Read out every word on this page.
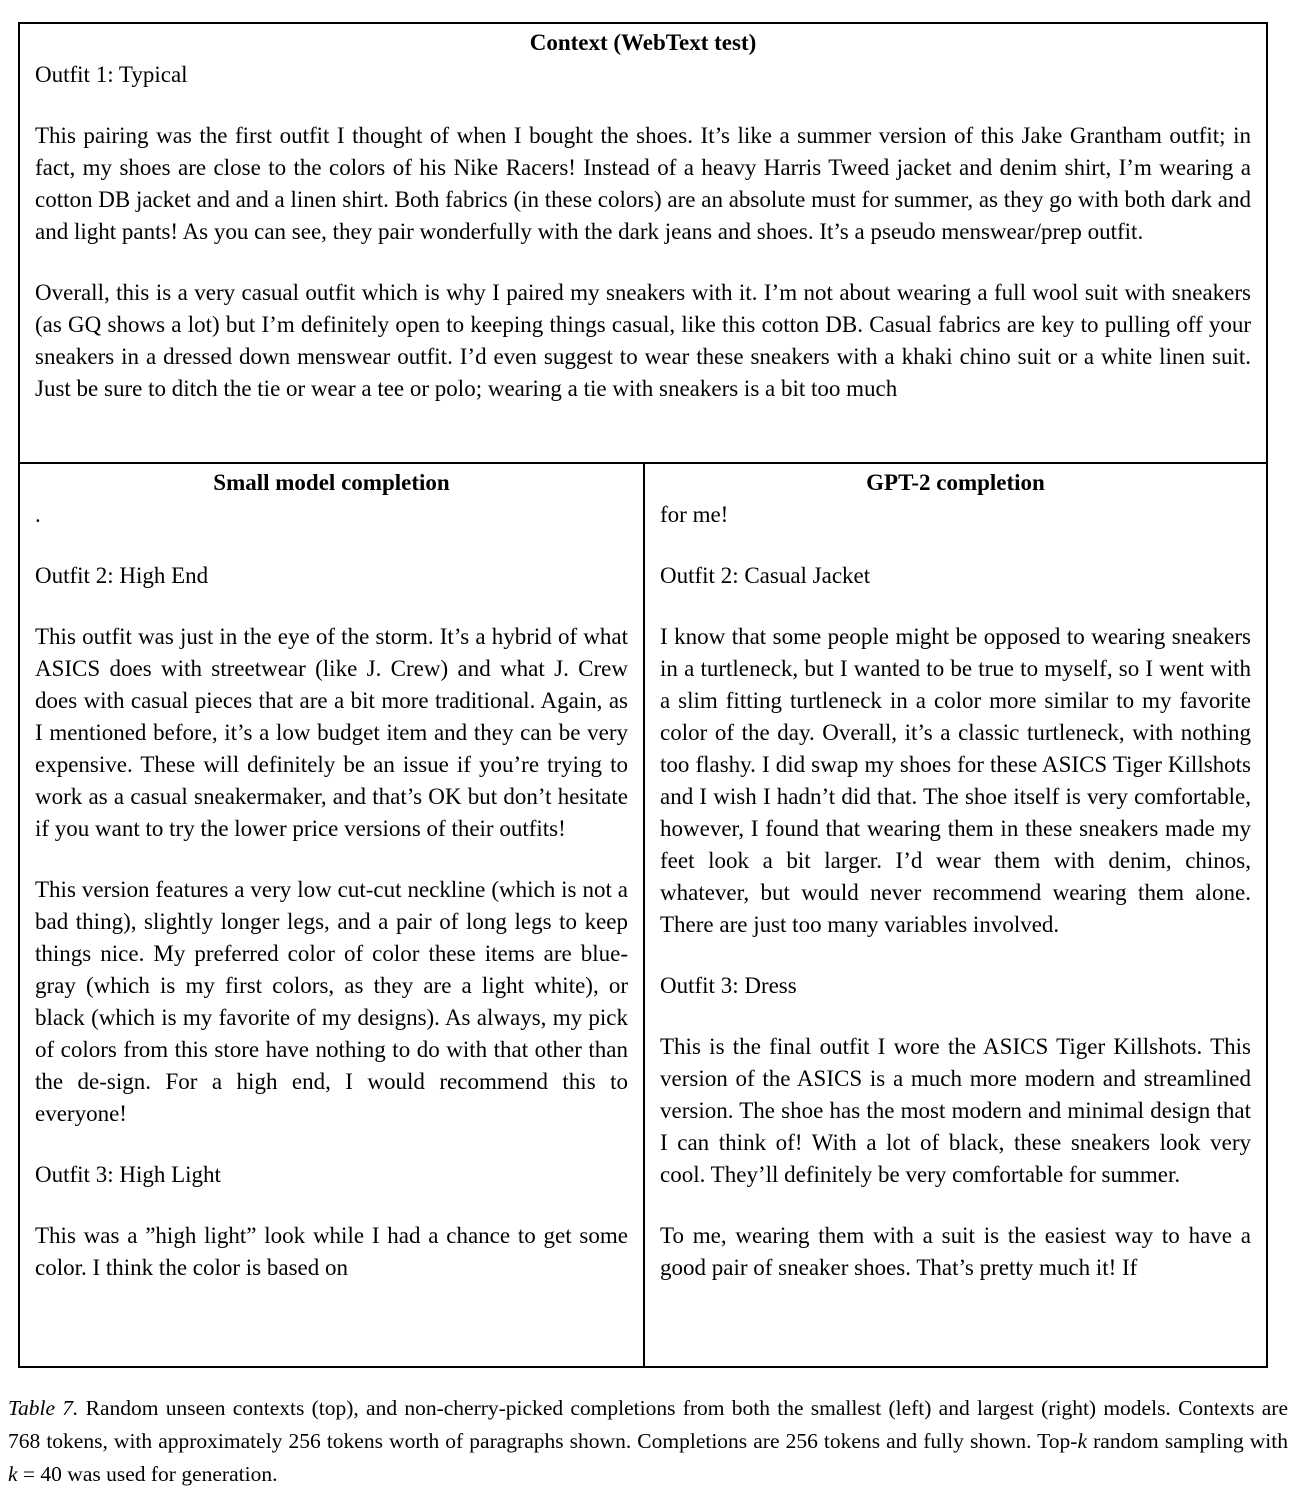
Context (WebText test)

Outfit 1: Typical

This pairing was the first outfit I thought of when I bought the shoes. It’s like a summer version of this Jake Grantham outfit; in fact, my shoes are close to the colors of his Nike Racers! Instead of a heavy Harris Tweed jacket and denim shirt, I’m wearing a cotton DB jacket and and a linen shirt. Both fabrics (in these colors) are an absolute must for summer, as they go with both dark and and light pants! As you can see, they pair wonderfully with the dark jeans and shoes. It’s a pseudo menswear/prep outfit.

Overall, this is a very casual outfit which is why I paired my sneakers with it. I’m not about wearing a full wool suit with sneakers (as GQ shows a lot) but I’m definitely open to keeping things casual, like this cotton DB. Casual fabrics are key to pulling off your sneakers in a dressed down menswear outfit. I’d even suggest to wear these sneakers with a khaki chino suit or a white linen suit. Just be sure to ditch the tie or wear a tee or polo; wearing a tie with sneakers is a bit too much

Small model completion

.

Outfit 2: High End

This outfit was just in the eye of the storm. It’s a hybrid of what ASICS does with streetwear (like J. Crew) and what J. Crew does with casual pieces that are a bit more traditional. Again, as I mentioned before, it’s a low budget item and they can be very expensive. These will definitely be an issue if you’re trying to work as a casual sneakermaker, and that’s OK but don’t hesitate if you want to try the lower price versions of their outfits!

This version features a very low cut-cut neckline (which is not a bad thing), slightly longer legs, and a pair of long legs to keep things nice. My preferred color of color these items are blue-gray (which is my first colors, as they are a light white), or black (which is my favorite of my designs). As always, my pick of colors from this store have nothing to do with that other than the de-sign. For a high end, I would recommend this to everyone!

Outfit 3: High Light

This was a ”high light” look while I had a chance to get some color. I think the color is based on

GPT-2 completion

for me!

Outfit 2: Casual Jacket

I know that some people might be opposed to wearing sneakers in a turtleneck, but I wanted to be true to myself, so I went with a slim fitting turtleneck in a color more similar to my favorite color of the day. Overall, it’s a classic turtleneck, with nothing too flashy. I did swap my shoes for these ASICS Tiger Killshots and I wish I hadn’t did that. The shoe itself is very comfortable, however, I found that wearing them in these sneakers made my feet look a bit larger. I’d wear them with denim, chinos, whatever, but would never recommend wearing them alone. There are just too many variables involved.

Outfit 3: Dress

This is the final outfit I wore the ASICS Tiger Killshots. This version of the ASICS is a much more modern and streamlined version. The shoe has the most modern and minimal design that I can think of! With a lot of black, these sneakers look very cool. They’ll definitely be very comfortable for summer.

To me, wearing them with a suit is the easiest way to have a good pair of sneaker shoes. That’s pretty much it! If

Table 7. Random unseen contexts (top), and non-cherry-picked completions from both the smallest (left) and largest (right) models. Contexts are 768 tokens, with approximately 256 tokens worth of paragraphs shown. Completions are 256 tokens and fully shown. Top-k random sampling with k = 40 was used for generation.
